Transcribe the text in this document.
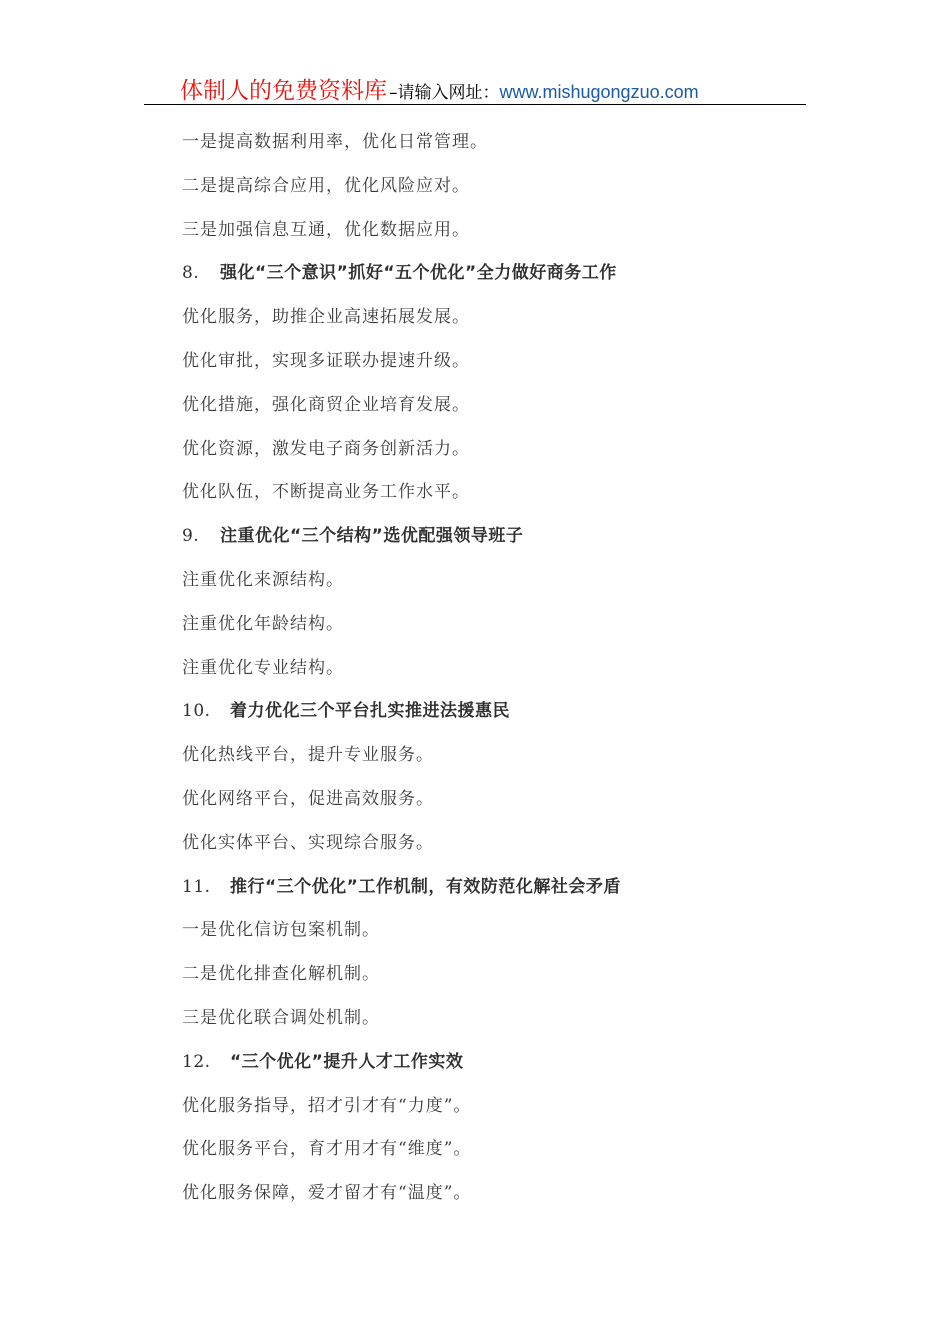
体制人的免费资料库 –请输入网址：www.mishugongzuo.com
一是提高数据利用率，优化日常管理。
二是提高综合应用，优化风险应对。
三是加强信息互通，优化数据应用。
8. 强化“三个意识”抓好“五个优化”全力做好商务工作
优化服务，助推企业高速拓展发展。
优化审批，实现多证联办提速升级。
优化措施，强化商贸企业培育发展。
优化资源，激发电子商务创新活力。
优化队伍，不断提高业务工作水平。
9. 注重优化“三个结构”选优配强领导班子
注重优化来源结构。
注重优化年龄结构。
注重优化专业结构。
10. 着力优化三个平台扎实推进法援惠民
优化热线平台，提升专业服务。
优化网络平台，促进高效服务。
优化实体平台、实现综合服务。
11. 推行“三个优化”工作机制，有效防范化解社会矛盾
一是优化信访包案机制。
二是优化排查化解机制。
三是优化联合调处机制。
12. “三个优化”提升人才工作实效
优化服务指导，招才引才有“力度”。
优化服务平台，育才用才有“维度”。
优化服务保障，爱才留才有“温度”。
